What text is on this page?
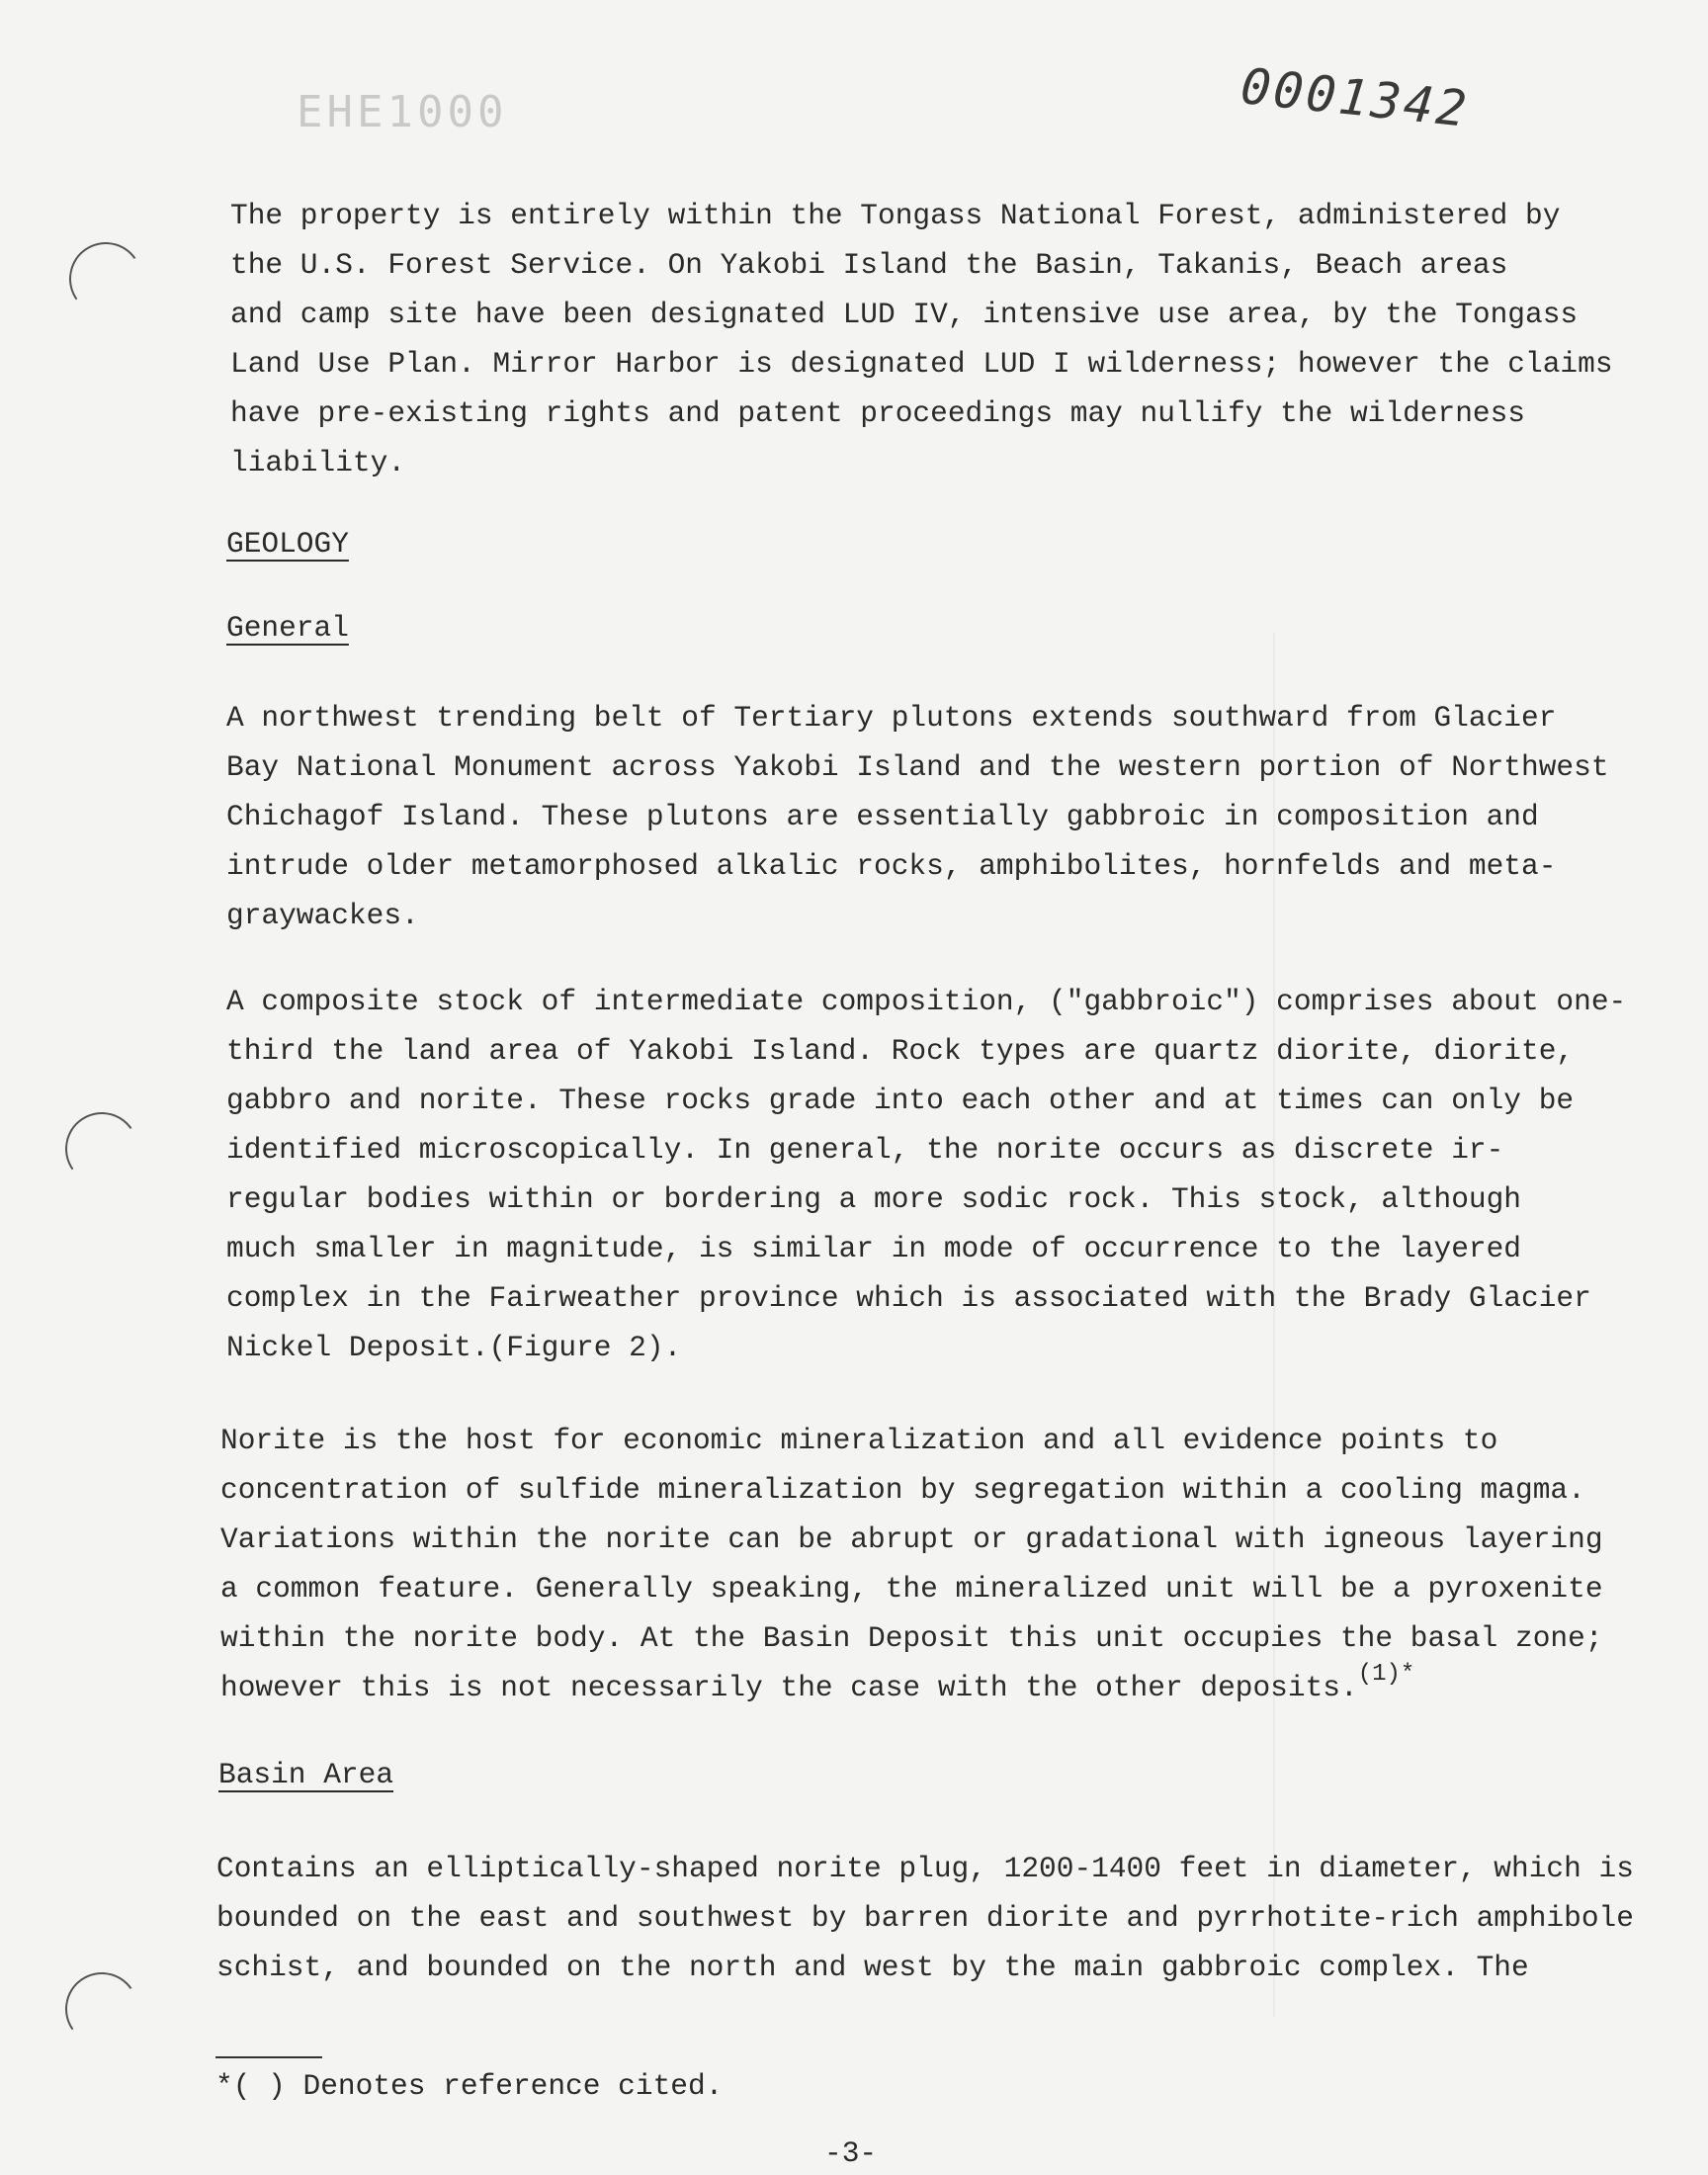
EHE1000	0001342
The property is entirely within the Tongass National Forest, administered by
the U.S. Forest Service. On Yakobi Island the Basin, Takanis, Beach areas
and camp site have been designated LUD IV, intensive use area, by the Tongass
Land Use Plan. Mirror Harbor is designated LUD I wilderness; however the claims
have pre-existing rights and patent proceedings may nullify the wilderness
liability.
GEOLOGY
General
A northwest trending belt of Tertiary plutons extends southward from Glacier
Bay National Monument across Yakobi Island and the western portion of Northwest
Chichagof Island. These plutons are essentially gabbroic in composition and
intrude older metamorphosed alkalic rocks, amphibolites, hornfelds and meta-
graywackes.
A composite stock of intermediate composition, ("gabbroic") comprises about one-
third the land area of Yakobi Island. Rock types are quartz diorite, diorite,
gabbro and norite. These rocks grade into each other and at times can only be
identified microscopically. In general, the norite occurs as discrete ir-
regular bodies within or bordering a more sodic rock. This stock, although
much smaller in magnitude, is similar in mode of occurrence to the layered
complex in the Fairweather province which is associated with the Brady Glacier
Nickel Deposit.(Figure 2).
Norite is the host for economic mineralization and all evidence points to
concentration of sulfide mineralization by segregation within a cooling magma.
Variations within the norite can be abrupt or gradational with igneous layering
a common feature. Generally speaking, the mineralized unit will be a pyroxenite
within the norite body. At the Basin Deposit this unit occupies the basal zone;
however this is not necessarily the case with the other deposits.$^{(1)*}$
Basin Area
Contains an elliptically-shaped norite plug, 1200-1400 feet in diameter, which is
bounded on the east and southwest by barren diorite and pyrrhotite-rich amphibole
schist, and bounded on the north and west by the main gabbroic complex. The
*( ) Denotes reference cited.
-3-
